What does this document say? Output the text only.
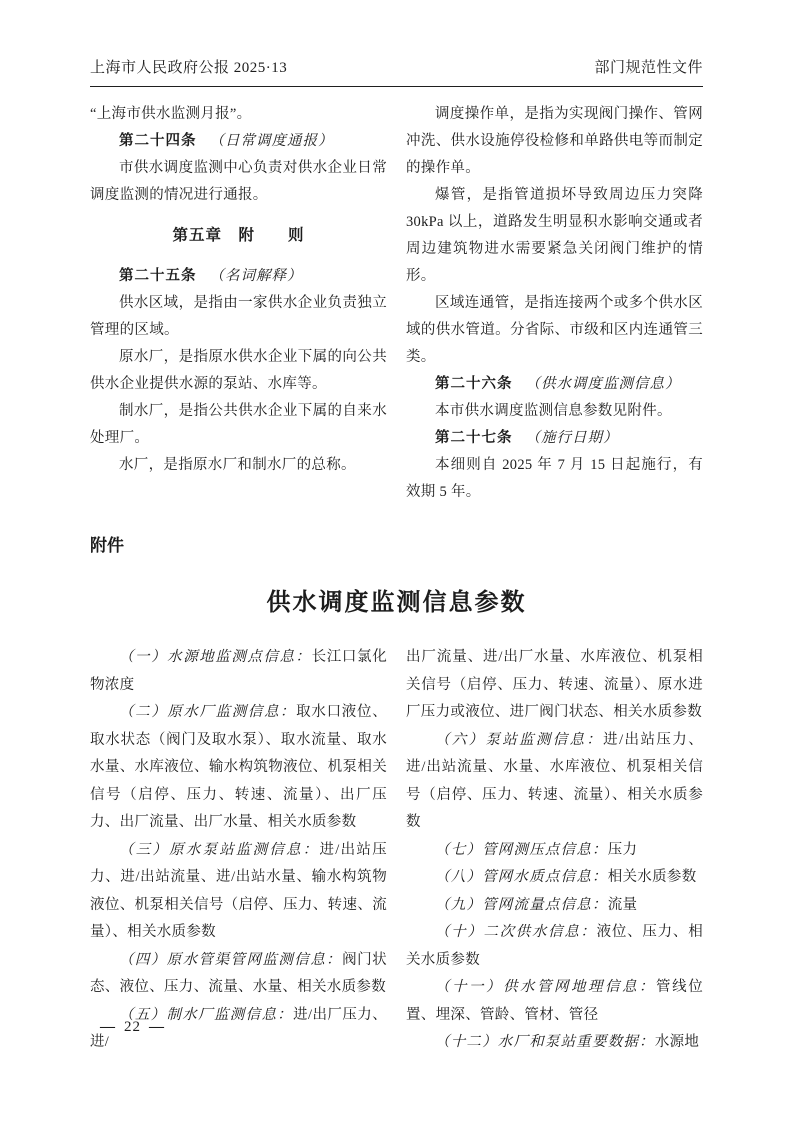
上海市人民政府公报 2025·13	部门规范性文件
“上海市供水监测月报”。
第二十四条 （日常调度通报）
市供水调度监测中心负责对供水企业日常调度监测的情况进行通报。
第五章　附　　则
第二十五条 （名词解释）
供水区域，是指由一家供水企业负责独立管理的区域。
原水厂，是指原水供水企业下属的向公共供水企业提供水源的泵站、水库等。
制水厂，是指公共供水企业下属的自来水处理厂。
水厂，是指原水厂和制水厂的总称。
调度操作单，是指为实现阀门操作、管网冲洗、供水设施停役检修和单路供电等而制定的操作单。
爆管，是指管道损坏导致周边压力突降 30kPa 以上，道路发生明显积水影响交通或者周边建筑物进水需要紧急关闭阀门维护的情形。
区域连通管，是指连接两个或多个供水区域的供水管道。分省际、市级和区内连通管三类。
第二十六条 （供水调度监测信息）
本市供水调度监测信息参数见附件。
第二十七条 （施行日期）
本细则自 2025 年 7 月 15 日起施行，有效期 5 年。
附件
供水调度监测信息参数
（一）水源地监测点信息：长江口氯化物浓度
（二）原水厂监测信息：取水口液位、取水状态（阀门及取水泵）、取水流量、取水水量、水库液位、输水构筑物液位、机泵相关信号（启停、压力、转速、流量）、出厂压力、出厂流量、出厂水量、相关水质参数
（三）原水泵站监测信息：进/出站压力、进/出站流量、进/出站水量、输水构筑物液位、机泵相关信号（启停、压力、转速、流量）、相关水质参数
（四）原水管渠管网监测信息：阀门状态、液位、压力、流量、水量、相关水质参数
（五）制水厂监测信息：进/出厂压力、进/
出厂流量、进/出厂水量、水库液位、机泵相关信号（启停、压力、转速、流量）、原水进厂压力或液位、进厂阀门状态、相关水质参数
（六）泵站监测信息：进/出站压力、进/出站流量、水量、水库液位、机泵相关信号（启停、压力、转速、流量）、相关水质参数
（七）管网测压点信息：压力
（八）管网水质点信息：相关水质参数
（九）管网流量点信息：流量
（十）二次供水信息：液位、压力、相关水质参数
（十一）供水管网地理信息：管线位置、埋深、管龄、管材、管径
（十二）水厂和泵站重要数据：水源地
— 22 —
